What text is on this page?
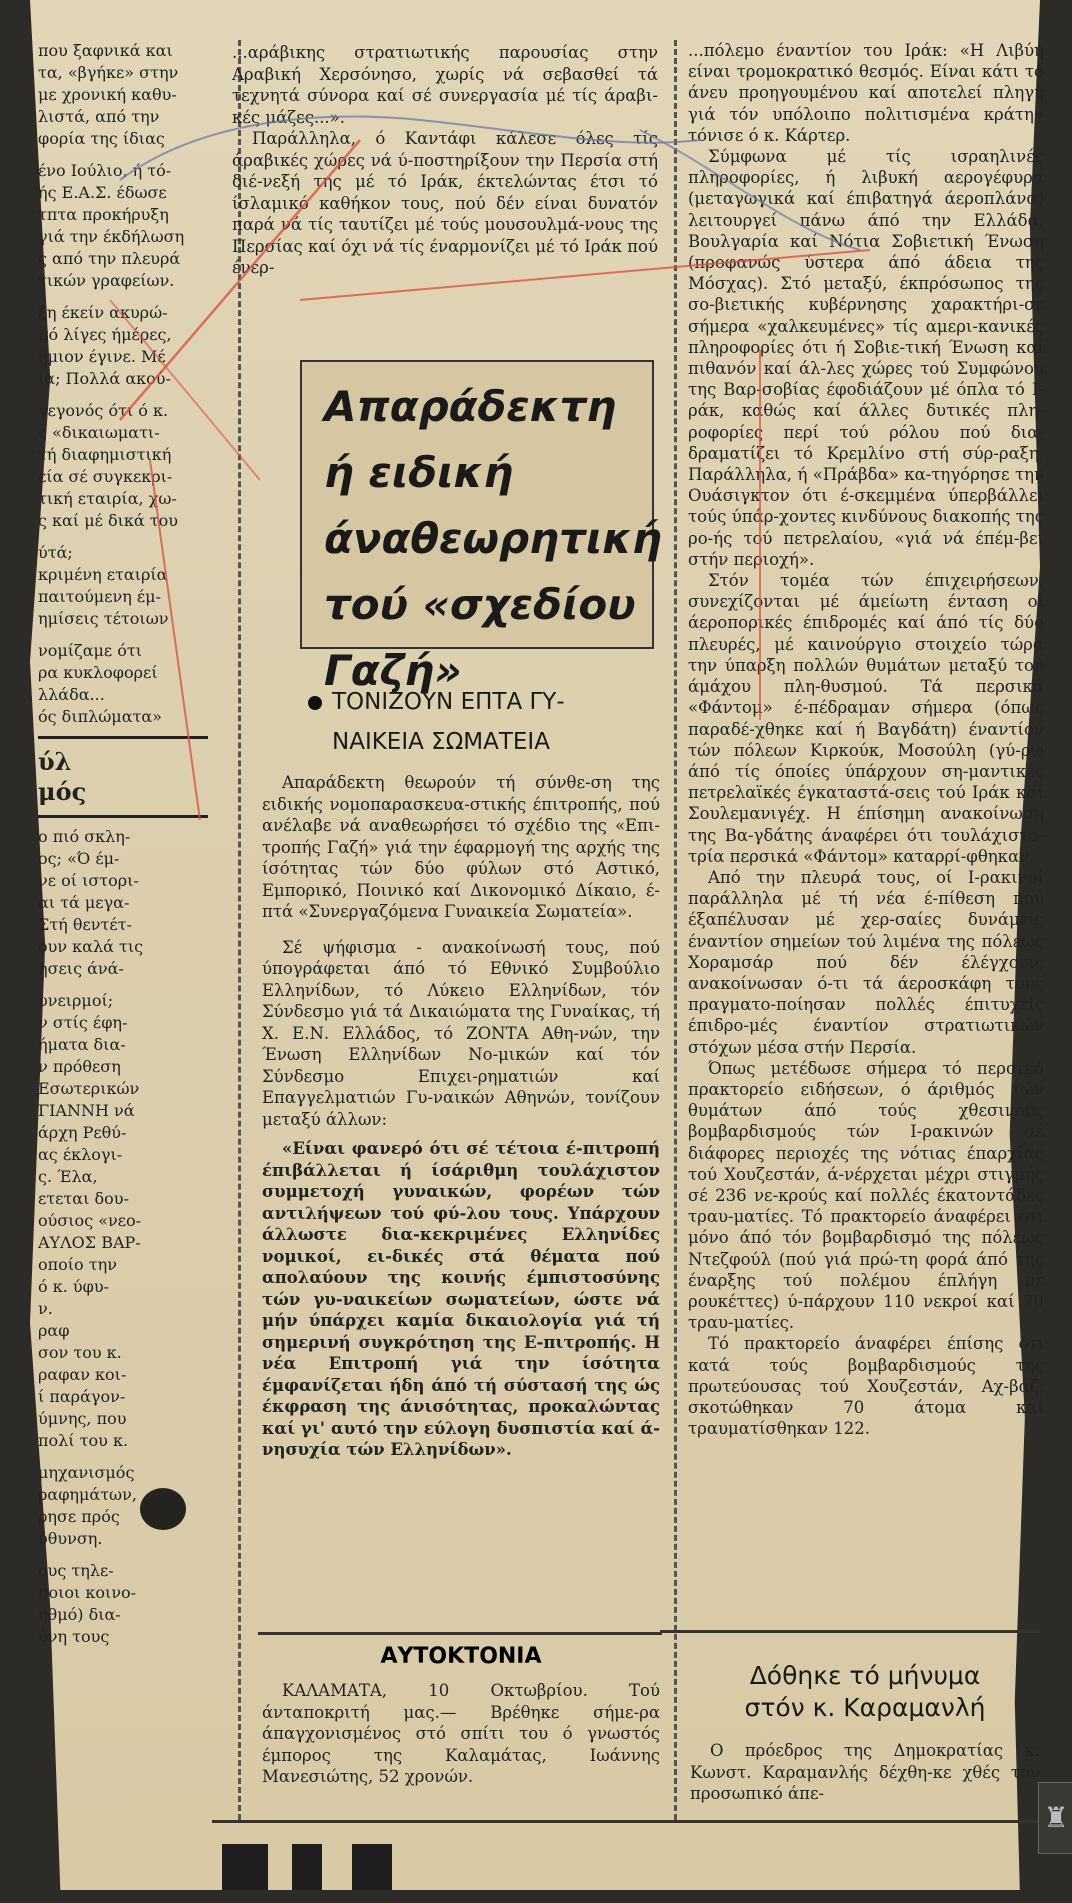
που ξαφνικά και
τα, «βγήκε» στην
με χρονική καθυ-
λιστά, από την
φορία της ίδιας
ένο Ιούλιο, ή τό-
ής Ε.Α.Σ. έδωσε
τπτα προκήρυξη
γιά την έκδήλωση
ς από την πλευρά
τικών γραφείων.
ξη έκείν ακυρώ-
πό λίγες ήμέρες,
ήμιον έγινε. Μέ
ία; Πολλά ακού-
γεγονός ότι ό κ.
ς «δικαιωματι-
τή διαφημιστική
εία σέ συγκεκρι-
τική εταιρία, χω-
ς καί μέ δικά του
ύτά;
κριμένη εταιρία
παιτούμενη έμ-
ημίσεις τέτοιων
νομίζαμε ότι
ρα κυκλοφορεί
λλάδα...
ός διπλώματα»
ύλ
μός
ο πιό σκλη-
ος; «Ό έμ-
νε οί ιστορι-
αι τά μεγα-
Στή θεντέτ-
ουν καλά τις
ήσεις άνά-
υνειρμοί;
ν στίς έφη-
ήματα δια-
ν πρόθεση
Εσωτερικών
ΓΙΑΝΝΗ νά
άρχη Ρεθύ-
ας έκλογι-
ς. Έλα,
ετεται δου-
ούσιος «νεο-
ΑΥΛΟΣ ΒΑΡ-
οποίο την
ό κ. ύφυ-
ν.
ραφ
σον του κ.
ραφαν κοι-
ί παράγον-
ύμνης, που
πολί του κ.
μηχανισμός
ραφημάτων,
ρησε πρός
ύθυνση.
ους τηλε-
ποιοι κοινο-
ηθμό) δια-
ύνη τους

...αράβικης στρατιωτικής παρουσίας στην Αραβική Χερσόνησο, χωρίς νά σεβασθεί τά τεχνητά σύνορα καί σέ συνεργασία μέ τίς άραβι-κές μάζες...».

Παράλληλα, ό Καντάφι κάλεσε όλες τίς άραβικές χώρες νά ύ-ποστηρίξουν την Περσία στή διέ-νεξή της μέ τό Ιράκ, έκτελώντας έτσι τό ίσλαμικό καθήκον τους, πού δέν είναι δυνατόν παρά νά τίς ταυτίζει μέ τούς μουσουλμά-νους της Περσίας καί όχι νά τίς έναρμονίζει μέ τό Ιράκ πού ένερ-

Απαράδεκτη
ή ειδική
άναθεωρητική
τού «σχεδίου
Γαζή»
ΤΟΝΙΖΟΥΝ ΕΠΤΑ ΓΥ-
ΝΑΙΚΕΙΑ ΣΩΜΑΤΕΙΑ

Απαράδεκτη θεωρούν τή σύνθε-ση της ειδικής νομοπαρασκευα-στικής έπιτροπής, πού ανέλαβε νά αναθεωρήσει τό σχέδιο της «Επι-τροπής Γαζή» γιά την έφαρμογή της αρχής της ίσότητας τών δύο φύλων στό Αστικό, Εμπορικό, Ποινικό καί Δικονομικό Δίκαιο, έ-πτά «Συνεργαζόμενα Γυναικεία Σωματεία».

Σέ ψήφισμα - ανακοίνωσή τους, πού ύπογράφεται άπό τό Εθνικό Συμβούλιο Ελληνίδων, τό Λύκειο Ελληνίδων, τόν Σύνδεσμο γιά τά Δικαιώματα της Γυναίκας, τή Χ. Ε.Ν. Ελλάδος, τό ΖΟΝΤΑ Αθη-νών, την Ένωση Ελληνίδων Νο-μικών καί τόν Σύνδεσμο Επιχει-ρηματιών καί Επαγγελματιών Γυ-ναικών Αθηνών, τονίζουν μεταξύ άλλων:

«Είναι φανερό ότι σέ τέτοια έ-πιτροπή έπιβάλλεται ή ίσάριθμη τουλάχιστον συμμετοχή γυναικών, φορέων τών αντιλήψεων τού φύ-λου τους. Υπάρχουν άλλωστε δια-κεκριμένες Ελληνίδες νομικοί, ει-δικές στά θέματα πού απολαύουν της κοινής έμπιστοσύνης τών γυ-ναικείων σωματείων, ώστε νά μήν ύπάρχει καμία δικαιολογία γιά τή σημερινή συγκρότηση της Ε-πιτροπής. Η νέα Επιτροπή γιά την ίσότητα έμφανίζεται ήδη άπό τή σύστασή της ώς έκφραση της άνισότητας, προκαλώντας καί γι' αυτό την εύλογη δυσπιστία καί ά-νησυχία τών Ελληνίδων».

ΑΥΤΟΚΤΟΝΙΑ

ΚΑΛΑΜΑΤΑ, 10 Οκτωβρίου. Τού άνταποκριτή μας.— Βρέθηκε σήμε-ρα άπαγχονισμένος στό σπίτι του ό γνωστός έμπορος της Καλαμάτας, Ιωάννης Μανεσιώτης, 52 χρονών.

...πόλεμο έναντίον του Ιράκ: «Η Λιβύη είναι τρομοκρατικό θεσμός. Είναι κάτι τό άνευ προηγουμένου καί αποτελεί πληγή γιά τόν υπόλοιπο πολιτισμένα κράτη» τόνισε ό κ. Κάρτερ.

Σύμφωνα μέ τίς ισραηλινές πληροφορίες, ή λιβυκή αερογέφυρα (μεταγωγικά καί έπιβατηγά άεροπλάνα) λειτουργεί πάνω άπό την Ελλάδα, Βουλγαρία καί Νότια Σοβιετική Ένωση (προφανώς ύστερα άπό άδεια της Μόσχας). Στό μεταξύ, έκπρόσωπος της σο-βιετικής κυβέρνησης χαρακτήρι-σε σήμερα «χαλκευμένες» τίς αμερι-κανικές πληροφορίες ότι ή Σοβιε-τική Ένωση καί πιθανόν καί άλ-λες χώρες τού Συμφώνου της Βαρ-σοβίας έφοδιάζουν μέ όπλα τό Ι-ράκ, καθώς καί άλλες δυτικές πλη-ροφορίες περί τού ρόλου πού δια-δραματίζει τό Κρεμλίνο στή σύρ-ραξη. Παράλληλα, ή «Πράβδα» κα-τηγόρησε την Ουάσιγκτον ότι έ-σκεμμένα ύπερβάλλει τούς ύπάρ-χοντες κινδύνους διακοπής της ρο-ής τού πετρελαίου, «γιά νά έπέμ-βει στήν περιοχή».

Στόν τομέα τών έπιχειρήσεων, συνεχίζονται μέ άμείωτη ένταση οί άεροπορικές έπιδρομές καί άπό τίς δύο πλευρές, μέ καινούργιο στοιχείο τώρα την ύπαρξη πολλών θυμάτων μεταξύ τού άμάχου πλη-θυσμού. Τά περσικά «Φάντομ» έ-πέδραμαν σήμερα (όπως παραδέ-χθηκε καί ή Βαγδάτη) έναντίον τών πόλεων Κιρκούκ, Μοσούλη (γύ-ρω άπό τίς όποίες ύπάρχουν ση-μαντικές πετρελαϊκές έγκαταστά-σεις τού Ιράκ καί Σουλεμανιγέχ. Η έπίσημη ανακοίνωση της Βα-γδάτης άναφέρει ότι τουλάχιστο-τρία περσικά «Φάντομ» καταρρί-φθηκαν.

Από την πλευρά τους, οί Ι-ρακινοί παράλληλα μέ τή νέα έ-πίθεση πού έξαπέλυσαν μέ χερ-σαίες δυνάμεις έναντίον σημείων τού λιμένα της πόλεως Χοραμσάρ πού δέν έλέγχουν, ανακοίνωσαν ό-τι τά άεροσκάφη τους πραγματο-ποίησαν πολλές έπιτυχείς έπιδρο-μές έναντίον στρατιωτικών στόχων μέσα στήν Περσία.

Όπως μετέδωσε σήμερα τό περσικό πρακτορείο ειδήσεων, ό άριθμός τών θυμάτων άπό τούς χθεσινούς βομβαρδισμούς τών Ι-ρακινών σέ διάφορες περιοχές της νότιας έπαρχίας τού Χουζεστάν, ά-νέρχεται μέχρι στιγμής σέ 236 νε-κρούς καί πολλές έκατοντάδες τραυ-ματίες. Τό πρακτορείο άναφέρει ότι μόνο άπό τόν βομβαρδισμό της πόλεως Ντεζφούλ (πού γιά πρώ-τη φορά άπό της έναρξης τού πολέμου έπλήγη μέ ρουκέττες) ύ-πάρχουν 110 νεκροί καί 70 τραυ-ματίες.

Τό πρακτορείο άναφέρει έπίσης ότι κατά τούς βομβαρδισμούς της πρωτεύουσας τού Χουζεστάν, Αχ-βάζ, σκοτώθηκαν 70 άτομα καί τραυματίσθηκαν 122.

Δόθηκε τό μήνυμα
στόν κ. Καραμανλή

Ο πρόεδρος της Δημοκρατίας κ. Κωνστ. Καραμανλής δέχθη-κε χθές τόν προσωπικό άπε-

♜
